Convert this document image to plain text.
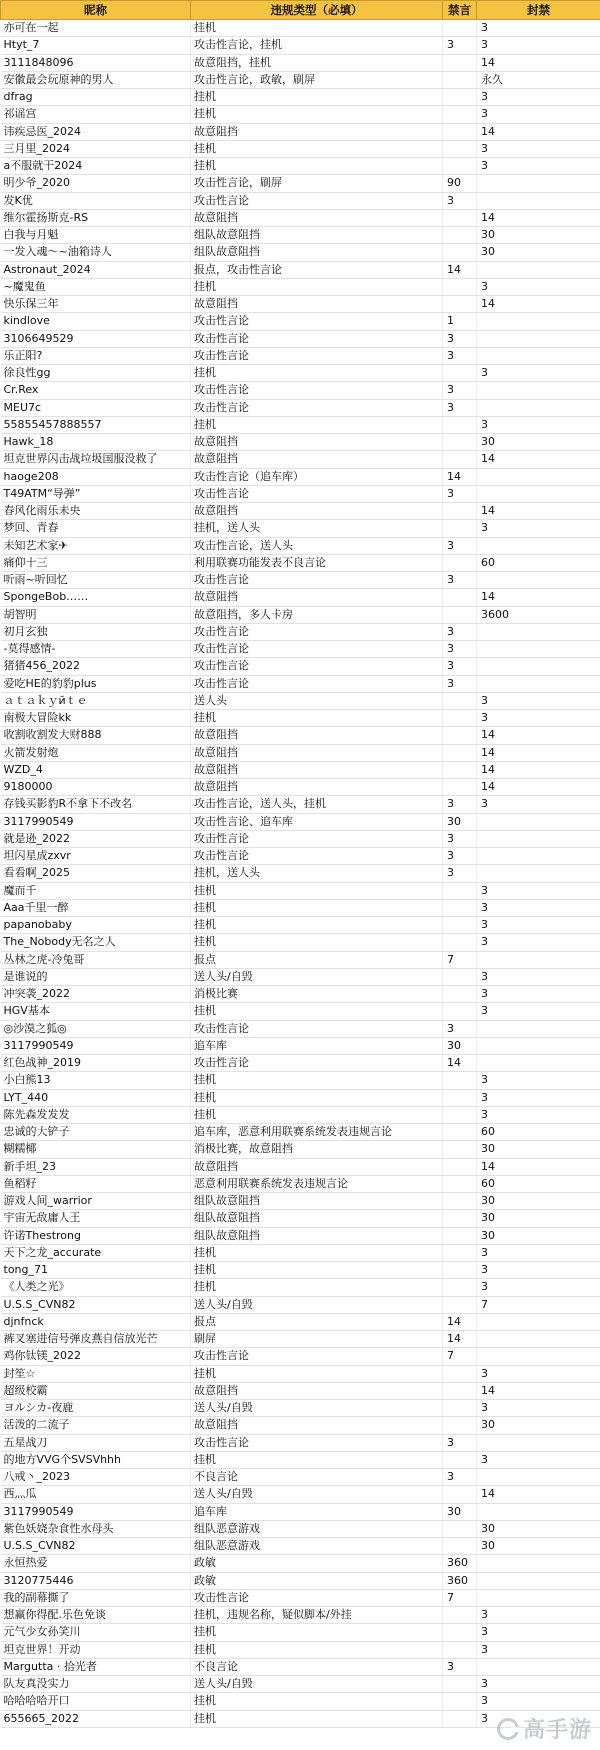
昵称	违规类型（必填）	禁言	封禁
亦可在一起	挂机		3
Htyt_7	攻击性言论，挂机	3	3
3111848096	故意阻挡，挂机		14
安徽最会玩原神的男人	攻击性言论，政敏，刷屏		永久
dfrag	挂机		3
祁谣宫	挂机		3
讳疾忌医_2024	故意阻挡		14
三月里_2024	挂机		3
a不服就干2024	挂机		3
明少爷_2020	攻击性言论，刷屏	90	
发K优	攻击性言论	3	
维尔霍扬斯克-RS	故意阻挡		14
白我与月魁	组队故意阻挡		30
一发入魂～~油箱诗人	组队故意阻挡		30
Astronaut_2024	报点，攻击性言论	14	
~魔鬼鱼	挂机		3
快乐保三年	故意阻挡		14
kindlove	攻击性言论	1	
3106649529	攻击性言论	3	
乐正阳?	攻击性言论	3	
徐良性gg	挂机		3
Cr.Rex	攻击性言论	3	
MEU7c	攻击性言论	3	
55855457888557	挂机		3
Hawk_18	故意阻挡		30
坦克世界闪击战垃圾国服没救了	故意阻挡		14
haoge208	攻击性言论（追车库）	14	
T49ATM“导弹”	攻击性言论	3	
春风化雨乐未央	故意阻挡		14
梦回、青春	挂机，送人头		3
未知艺术家✈	攻击性言论，送人头	3	
痛仰十三	利用联赛功能发表不良言论		60
听雨~听回忆	攻击性言论	3	
SpongeBob……	故意阻挡		14
胡智明	故意阻挡，多人卡房		3600
初月玄独	攻击性言论	3	
-莫得感情-	攻击性言论	3	
猪猪456_2022	攻击性言论	3	
爱吃HE的豹豹plus	攻击性言论	3	
ａｔａｋｙйｔｅ	送人头		3
南极大冒险kk	挂机		3
收割收割发大财888	故意阻挡		14
火箭发射炮	故意阻挡		14
WZD_4	故意阻挡		14
9180000	故意阻挡		14
存钱买影豹R不拿下不改名	攻击性言论，送人头，挂机	3	3
3117990549	攻击性言论、追车库	30	
就是逊_2022	攻击性言论	3	
坦闪星成zxvr	攻击性言论	3	
看看啊_2025	挂机，送人头	3	
魔而千	挂机		3
Aaa千里一醉	挂机		3
papanobaby	挂机		3
The_Nobody无名之人	挂机		3
丛林之虎-冷兔哥	报点	7	
是谁说的	送人头/自毁		3
冲突袭_2022	消极比赛		3
HGV基本	挂机		3
◎沙漠之狐◎	攻击性言论	3	
3117990549	追车库	30	
红色战神_2019	攻击性言论	14	
小白熊13	挂机		3
LYT_440	挂机		3
陈先森发发发	挂机		3
忠诚的大铲子	追车库，恶意利用联赛系统发表违规言论		60
糊糯椰	消极比赛，故意阻挡		30
新手坦_23	故意阻挡		14
鱼稻籽	恶意利用联赛系统发表违规言论		60
游戏人间_warrior	组队故意阻挡		30
宇宙无敌庸人王	组队故意阻挡		30
许诺Thestrong	组队故意阻挡		30
天下之龙_accurate	挂机		3
tong_71	挂机		3
《人类之光》	挂机		3
U.S.S_CVN82	送人头/自毁		7
djnfnck	报点	14	
裤叉塞进信号弹皮燕自信放光芒	刷屏	14	
鸡你钛镁_2022	攻击性言论	7	
封笙☆	挂机		3
超级校霸	故意阻挡		14
ヨルシカ-夜鹿	送人头/自毁		3
活泼的二流子	故意阻挡		30
五星战刀	攻击性言论	3	
的地方VVG个SVSVhhh	挂机		3
八戒丶_2023	不良言论	3	
西灬瓜	送人头/自毁		14
3117990549	追车库	30	
紫色妖娆杂食性水母头	组队恶意游戏		30
U.S.S_CVN82	组队恶意游戏		30
永恒热爱	政敏	360	
3120775446	政敏	360	
我的副幕撕了	攻击性言论	7	
想赢你得配.乐色免谈	挂机，违规名称，疑似脚本/外挂		3
元气少女孙笑川	挂机		3
坦克世界！开动	挂机		3
Margutta · 拾光者	不良言论	3	
队友真没实力	送人头/自毁		3
哈哈哈哈开口	挂机		3
655665_2022	挂机		3 高手游
